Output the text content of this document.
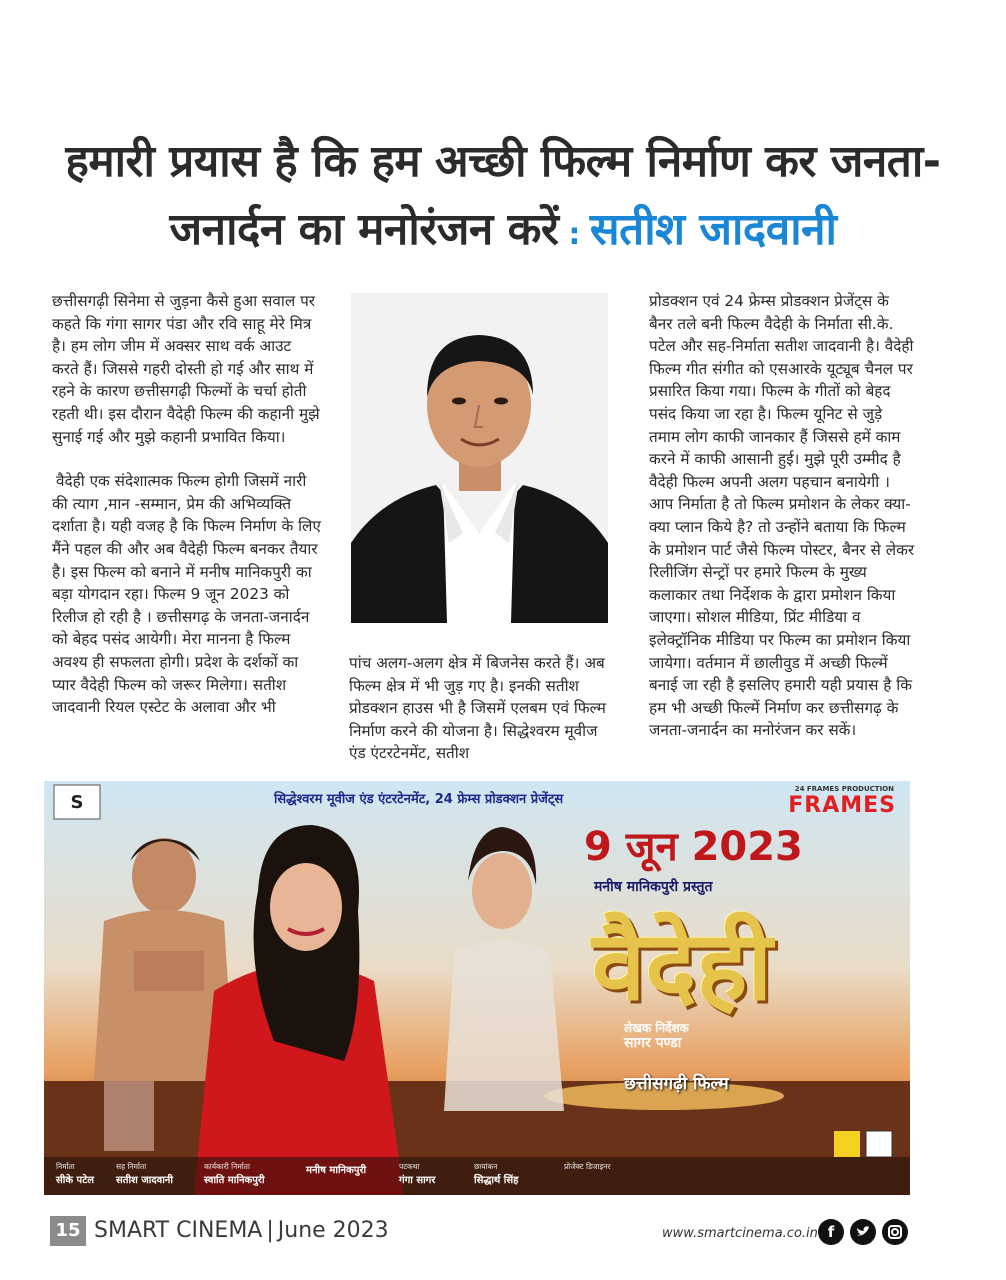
हमारी प्रयास है कि हम अच्छी फिल्म निर्माण कर जनता-
जनार्दन का मनोरंजन करें : सतीश जादवानी

छत्तीसगढ़ी सिनेमा से जुड़ना कैसे हुआ सवाल पर कहते कि गंगा सागर पंडा और रवि साहू मेरे मित्र है। हम लोग जीम में अक्सर साथ वर्क आउट करते हैं। जिससे गहरी दोस्ती हो गई और साथ में रहने के कारण छत्तीसगढ़ी फिल्मों के चर्चा होती रहती थी। इस दौरान वैदेही फिल्म की कहानी मुझे सुनाई गई और मुझे कहानी प्रभावित किया।

वैदेही एक संदेशात्मक फिल्म होगी जिसमें नारी की त्याग ,मान -सम्मान, प्रेम की अभिव्यक्ति दर्शाता है। यही वजह है कि फिल्म निर्माण के लिए मैंने पहल की और अब वैदेही फिल्म बनकर तैयार है। इस फिल्म को बनाने में मनीष मानिकपुरी का बड़ा योगदान रहा। फिल्म 9 जून 2023 को रिलीज हो रही है । छत्तीसगढ़ के जनता-जनार्दन को बेहद पसंद आयेगी। मेरा मानना है फिल्म अवश्य ही सफलता होगी। प्रदेश के दर्शकों का प्यार वैदेही फिल्म को जरूर मिलेगा। सतीश जादवानी रियल एस्टेट के अलावा और भी

पांच अलग-अलग क्षेत्र में बिजनेस करते हैं। अब फिल्म क्षेत्र में भी जुड़ गए है। इनकी सतीश प्रोडक्शन हाउस भी है जिसमें एलबम एवं फिल्म निर्माण करने की योजना है। सिद्धेश्वरम मूवीज एंड एंटरटेनमेंट, सतीश

प्रोडक्शन एवं 24 फ्रेम्स प्रोडक्शन प्रेजेंट्स के बैनर तले बनी फिल्म वैदेही के निर्माता सी.के. पटेल और सह-निर्माता सतीश जादवानी है। वैदेही फिल्म गीत संगीत को एसआरके यूट्यूब चैनल पर प्रसारित किया गया। फिल्म के गीतों को बेहद पसंद किया जा रहा है। फिल्म यूनिट से जुड़े तमाम लोग काफी जानकार हैं जिससे हमें काम करने में काफी आसानी हुई। मुझे पूरी उम्मीद है वैदेही फिल्म अपनी अलग पहचान बनायेगी । आप निर्माता है तो फिल्म प्रमोशन के लेकर क्या-क्या प्लान किये है? तो उन्होंने बताया कि फिल्म के प्रमोशन पार्ट जैसे फिल्म पोस्टर, बैनर से लेकर रिलीजिंग सेन्ट्रों पर हमारे फिल्म के मुख्य कलाकार तथा निर्देशक के द्वारा प्रमोशन किया जाएगा। सोशल मीडिया, प्रिंट मीडिया व इलेक्ट्रॉनिक मीडिया पर फिल्म का प्रमोशन किया जायेगा। वर्तमान में छालीवुड में अच्छी फिल्में बनाई जा रही है इसलिए हमारी यही प्रयास है कि हम भी अच्छी फिल्में निर्माण कर छत्तीसगढ़ के जनता-जनार्दन का मनोरंजन कर सकें।

S	सिद्धेश्वरम मूवीज एंड एंटरटेनमेंट, 24 फ्रेम्स प्रोडक्शन प्रेजेंट्स
24 FRAMES PRODUCTION
FRAMES
9 जून 2023
मनीष मानिकपुरी प्रस्तुत
वैदेही
लेखक निर्देशक
सागर पण्डा
छत्तीसगढ़ी फिल्म
निर्माता
सीके पटेल
सह निर्माता
सतीश जादवानी
कार्यकारी निर्माता
स्वाति मानिकपुरी
मनीष मानिकपुरी	पटकथा
गंगा सागर
छायांकन
सिद्धार्थ सिंह
प्रोजेक्ट डिजाइनर
15 SMART CINEMA | June 2023	www.smartcinema.co.in f
